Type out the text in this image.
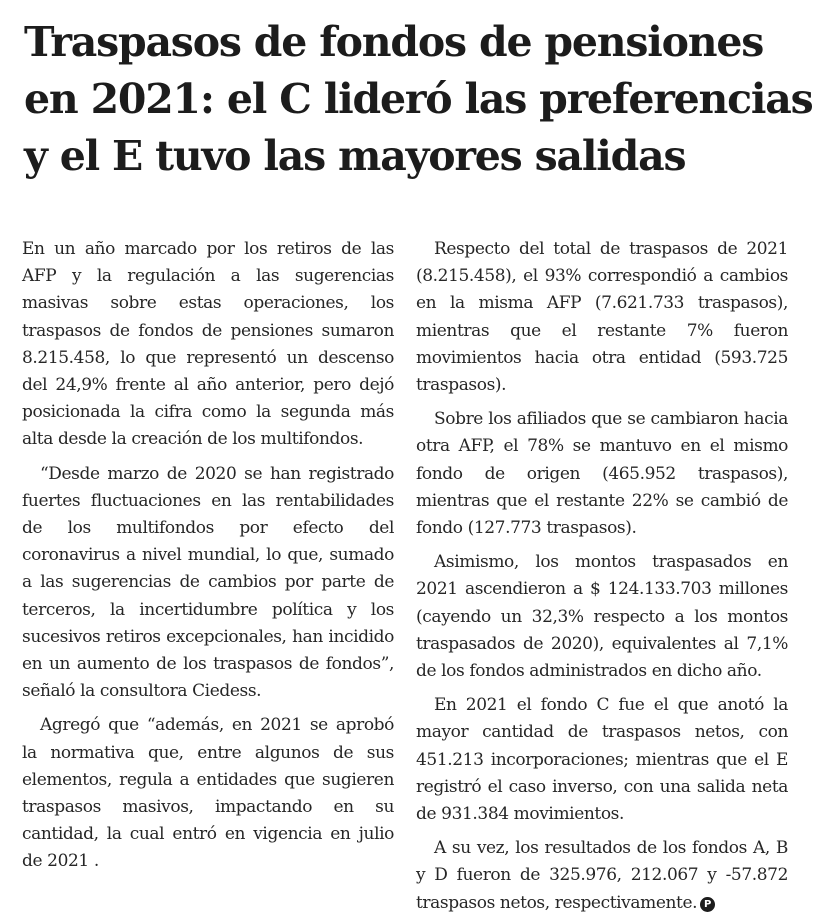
Traspasos de fondos de pensiones
en 2021: el C lideró las preferencias
y el E tuvo las mayores salidas

En un año marcado por los retiros de las AFP y la regulación a las sugerencias masivas sobre estas operaciones, los traspasos de fondos de pensiones sumaron 8.215.458, lo que representó un descenso del 24,9% frente al año anterior, pero dejó posicionada la cifra como la segunda más alta desde la creación de los multifondos.

“Desde marzo de 2020 se han registrado fuertes fluctuaciones en las rentabilidades de los multifondos por efecto del coronavirus a nivel mundial, lo que, sumado a las sugerencias de cambios por parte de terceros, la incertidumbre política y los sucesivos retiros excepcionales, han incidido en un aumento de los traspasos de fondos”, señaló la consultora Ciedess.

Agregó que “además, en 2021 se aprobó la normativa que, entre algunos de sus elementos, regula a entidades que sugieren traspasos masivos, impactando en su cantidad, la cual entró en vigencia en julio de 2021 .

Respecto del total de traspasos de 2021 (8.215.458), el 93% correspondió a cambios en la misma AFP (7.621.733 traspasos), mientras que el restante 7% fueron movimientos hacia otra entidad (593.725 traspasos).

Sobre los afiliados que se cambiaron hacia otra AFP, el 78% se mantuvo en el mismo fondo de origen (465.952 traspasos), mientras que el restante 22% se cambió de fondo (127.773 traspasos).

Asimismo, los montos traspasados en 2021 ascendieron a $ 124.133.703 millones (cayendo un 32,3% respecto a los montos traspasados de 2020), equivalentes al 7,1% de los fondos administrados en dicho año.

En 2021 el fondo C fue el que anotó la mayor cantidad de traspasos netos, con 451.213 incorporaciones; mientras que el E registró el caso inverso, con una salida neta de 931.384 movimientos.

A su vez, los resultados de los fondos A, B y D fueron de 325.976, 212.067 y -57.872 traspasos netos, respectivamente. P
